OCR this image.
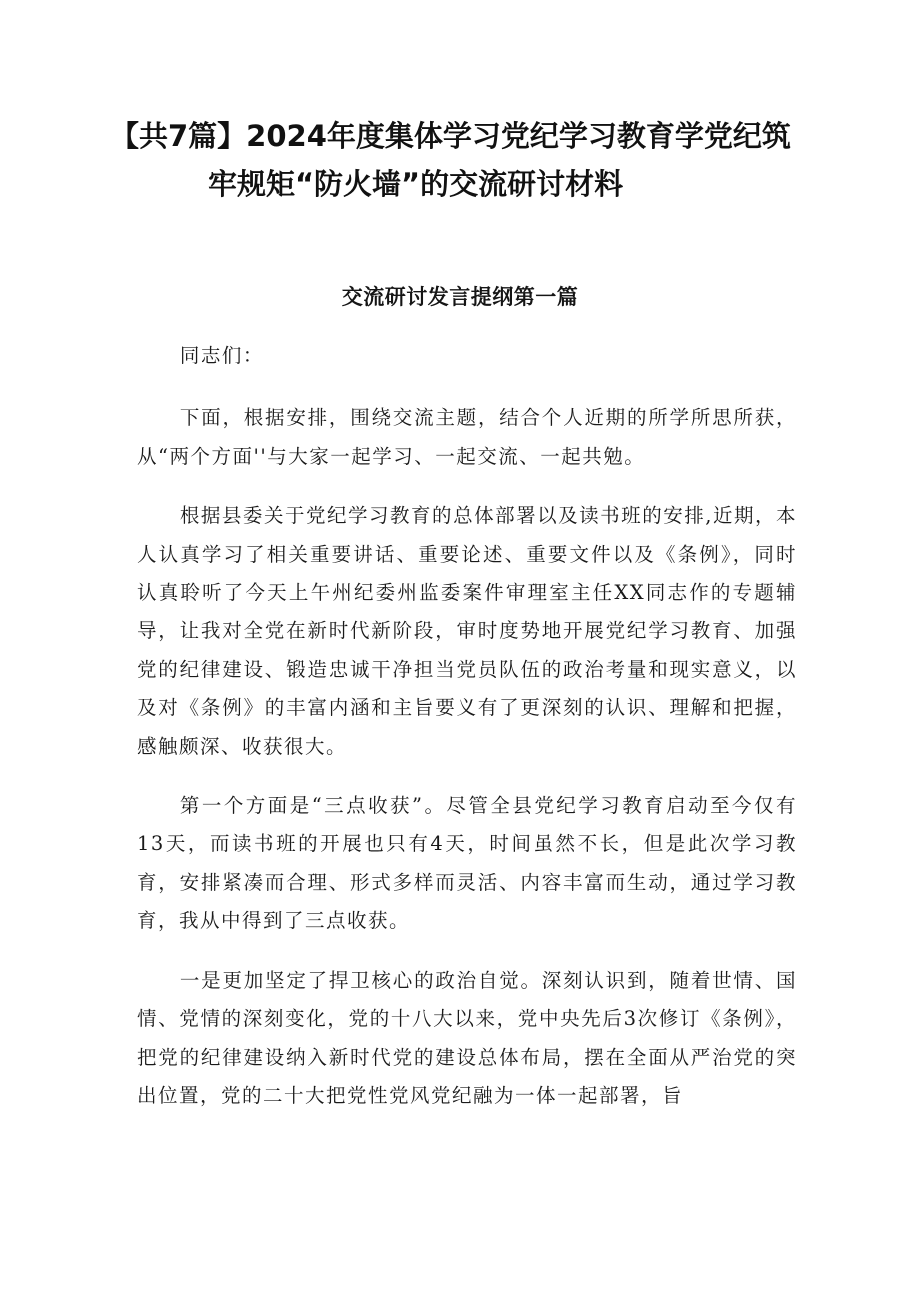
【共7篇】2024年度集体学习党纪学习教育学党纪筑
牢规矩“防火墙”的交流研讨材料
交流研讨发言提纲第一篇

同志们：

下面，根据安排，围绕交流主题，结合个人近期的所学所思所获，从“两个方面''与大家一起学习、一起交流、一起共勉。

根据县委关于党纪学习教育的总体部署以及读书班的安排,近期，本人认真学习了相关重要讲话、重要论述、重要文件以及《条例》，同时认真聆听了今天上午州纪委州监委案件审理室主任XX同志作的专题辅导，让我对全党在新时代新阶段，审时度势地开展党纪学习教育、加强党的纪律建设、锻造忠诚干净担当党员队伍的政治考量和现实意义，以及对《条例》的丰富内涵和主旨要义有了更深刻的认识、理解和把握，感触颇深、收获很大。

第一个方面是“三点收获”。尽管全县党纪学习教育启动至今仅有13天，而读书班的开展也只有4天，时间虽然不长，但是此次学习教育，安排紧凑而合理、形式多样而灵活、内容丰富而生动，通过学习教育，我从中得到了三点收获。

一是更加坚定了捍卫核心的政治自觉。深刻认识到，随着世情、国情、党情的深刻变化，党的十八大以来，党中央先后3次修订《条例》，把党的纪律建设纳入新时代党的建设总体布局，摆在全面从严治党的突出位置，党的二十大把党性党风党纪融为一体一起部署，旨
